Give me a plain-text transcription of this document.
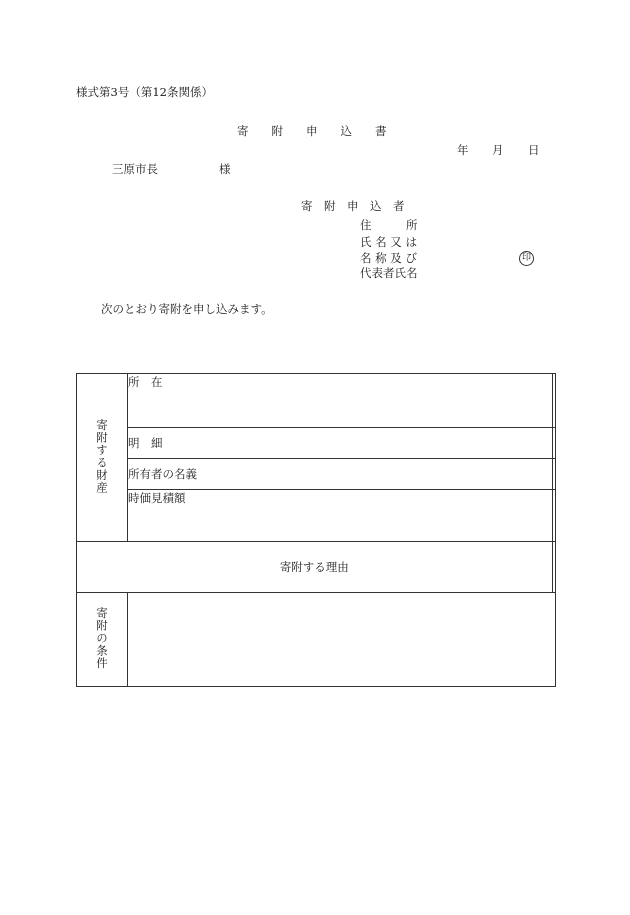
様式第3号（第12条関係）
寄　　附　　申　　込　　書
年 月 日
三原市長	様
寄　附　申　込　者
住　　　所
氏 名 又 は
名 称 及 び
代表者氏名
印
次のとおり寄附を申し込みます。
寄附する財産	所　在	
	明　細	
	所有者の名義	
	時価見積額	
寄附する理由		
寄附の条件		
